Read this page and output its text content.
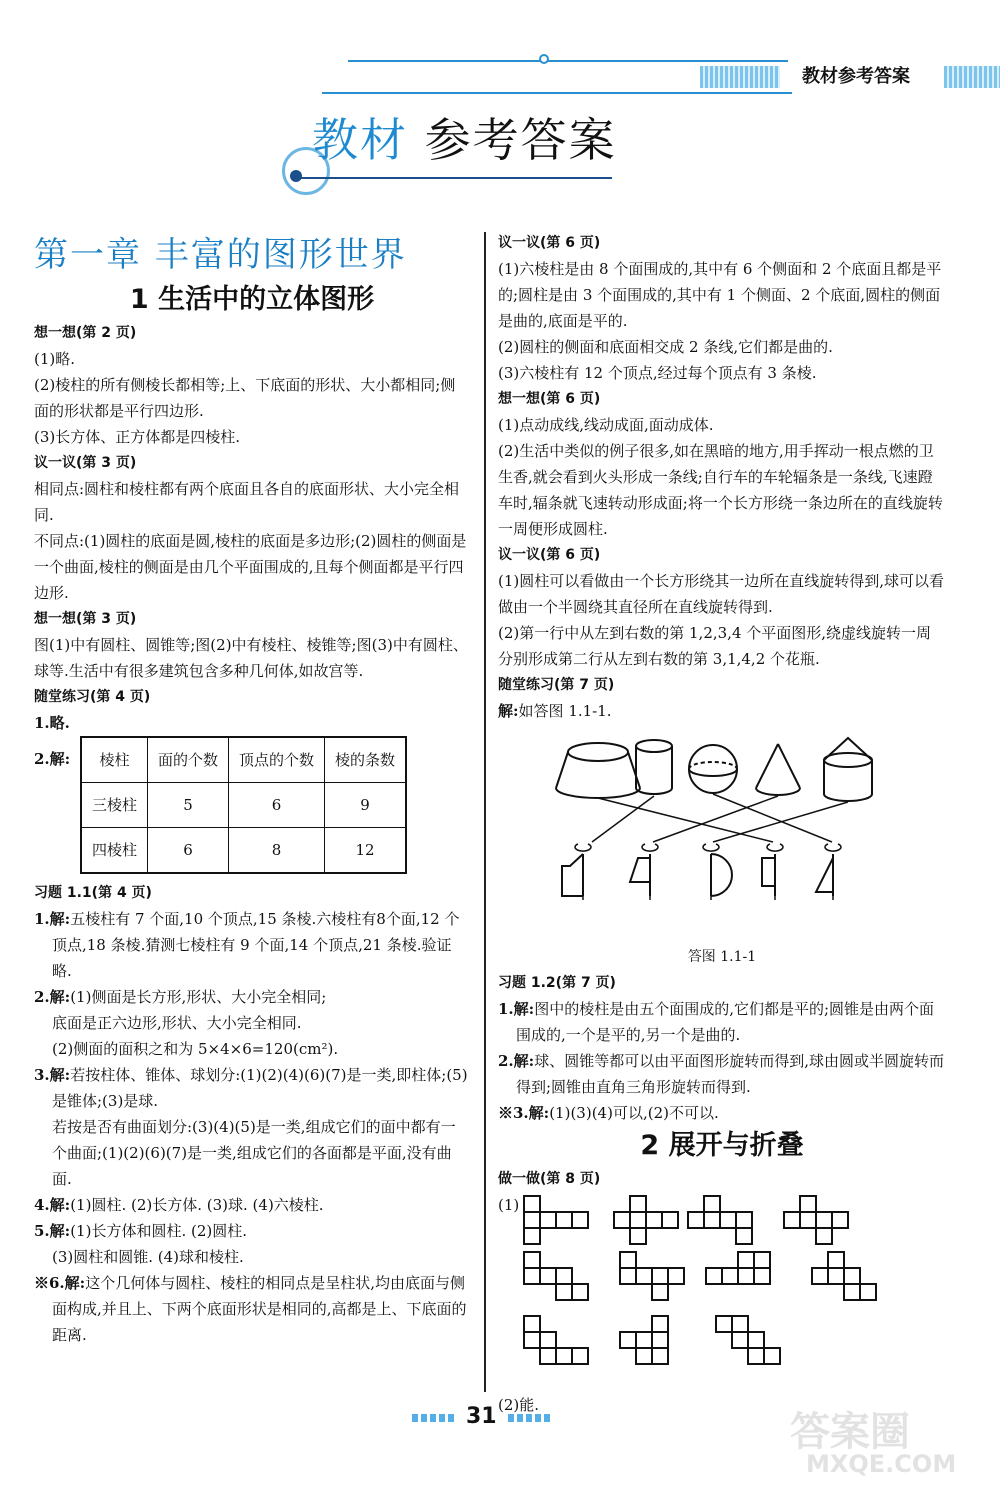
教材参考答案
教材 参考答案

第一章 丰富的图形世界

1 生活中的立体图形

想一想(第 2 页)

(1)略.

(2)棱柱的所有侧棱长都相等;上、下底面的形状、大小都相同;侧面的形状都是平行四边形.

(3)长方体、正方体都是四棱柱.

议一议(第 3 页)

相同点:圆柱和棱柱都有两个底面且各自的底面形状、大小完全相同.

不同点:(1)圆柱的底面是圆,棱柱的底面是多边形;(2)圆柱的侧面是一个曲面,棱柱的侧面是由几个平面围成的,且每个侧面都是平行四边形.

想一想(第 3 页)

图(1)中有圆柱、圆锥等;图(2)中有棱柱、棱锥等;图(3)中有圆柱、球等.生活中有很多建筑包含多种几何体,如故宫等.

随堂练习(第 4 页)

1.略.

2.解: 棱柱	面的个数	顶点的个数	棱的条数
三棱柱	5	6	9
四棱柱	6	8	12

习题 1.1(第 4 页)

1.解:五棱柱有 7 个面,10 个顶点,15 条棱.六棱柱有8个面,12 个顶点,18 条棱.猜测七棱柱有 9 个面,14 个顶点,21 条棱.验证略.

2.解:(1)侧面是长方形,形状、大小完全相同;

底面是正六边形,形状、大小完全相同.

(2)侧面的面积之和为 5×4×6=120(cm²).

3.解:若按柱体、锥体、球划分:(1)(2)(4)(6)(7)是一类,即柱体;(5)是锥体;(3)是球.

若按是否有曲面划分:(3)(4)(5)是一类,组成它们的面中都有一个曲面;(1)(2)(6)(7)是一类,组成它们的各面都是平面,没有曲面.

4.解:(1)圆柱. (2)长方体. (3)球. (4)六棱柱.

5.解:(1)长方体和圆柱. (2)圆柱.

(3)圆柱和圆锥. (4)球和棱柱.

※6.解:这个几何体与圆柱、棱柱的相同点是呈柱状,均由底面与侧面构成,并且上、下两个底面形状是相同的,高都是上、下底面的距离.

议一议(第 6 页)

(1)六棱柱是由 8 个面围成的,其中有 6 个侧面和 2 个底面且都是平的;圆柱是由 3 个面围成的,其中有 1 个侧面、2 个底面,圆柱的侧面是曲的,底面是平的.

(2)圆柱的侧面和底面相交成 2 条线,它们都是曲的.

(3)六棱柱有 12 个顶点,经过每个顶点有 3 条棱.

想一想(第 6 页)

(1)点动成线,线动成面,面动成体.

(2)生活中类似的例子很多,如在黑暗的地方,用手挥动一根点燃的卫生香,就会看到火头形成一条线;自行车的车轮辐条是一条线,飞速蹬车时,辐条就飞速转动形成面;将一个长方形绕一条边所在的直线旋转一周便形成圆柱.

议一议(第 6 页)

(1)圆柱可以看做由一个长方形绕其一边所在直线旋转得到,球可以看做由一个半圆绕其直径所在直线旋转得到.

(2)第一行中从左到右数的第 1,2,3,4 个平面图形,绕虚线旋转一周分别形成第二行从左到右数的第 3,1,4,2 个花瓶.

随堂练习(第 7 页)

解:如答图 1.1-1.

答图 1.1-1

习题 1.2(第 7 页)

1.解:图中的棱柱是由五个面围成的,它们都是平的;圆锥是由两个面围成的,一个是平的,另一个是曲的.

2.解:球、圆锥等都可以由平面图形旋转而得到,球由圆或半圆旋转而得到;圆锥由直角三角形旋转而得到.

※3.解:(1)(3)(4)可以,(2)不可以.

2 展开与折叠

做一做(第 8 页)

(1)

(2)能.

31	答案圈
MXQE.COM
